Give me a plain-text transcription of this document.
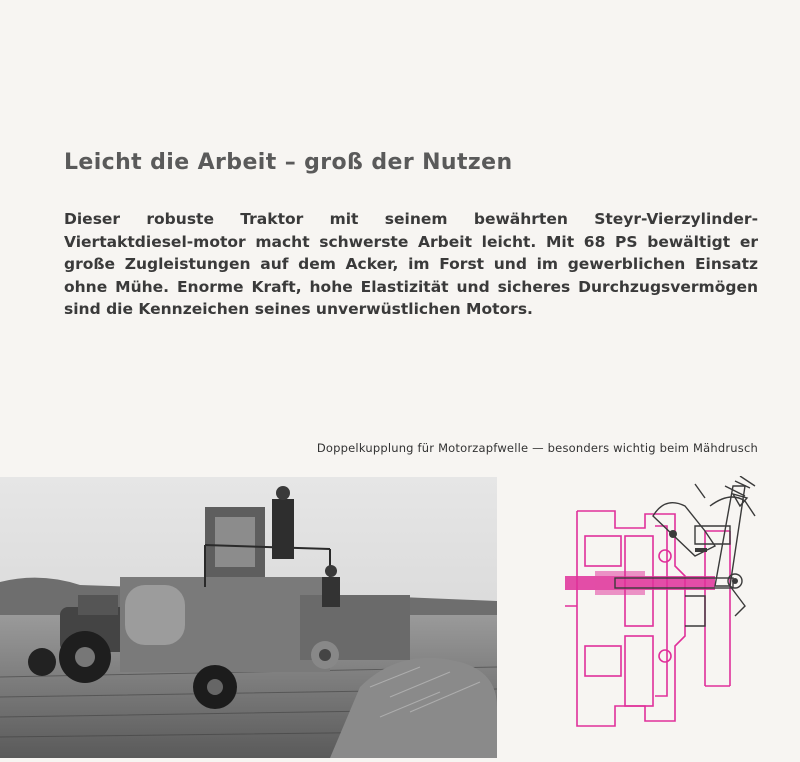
Leicht die Arbeit – groß der Nutzen

Dieser robuste Traktor mit seinem bewährten Steyr-Vierzylinder-Viertaktdiesel-motor macht schwerste Arbeit leicht. Mit 68 PS bewältigt er große Zugleistungen auf dem Acker, im Forst und im gewerblichen Einsatz ohne Mühe. Enorme Kraft, hohe Elastizität und sicheres Durchzugsvermögen sind die Kennzeichen seines unverwüstlichen Motors.

Doppelkupplung für Motorzapfwelle — besonders wichtig beim Mähdrusch
